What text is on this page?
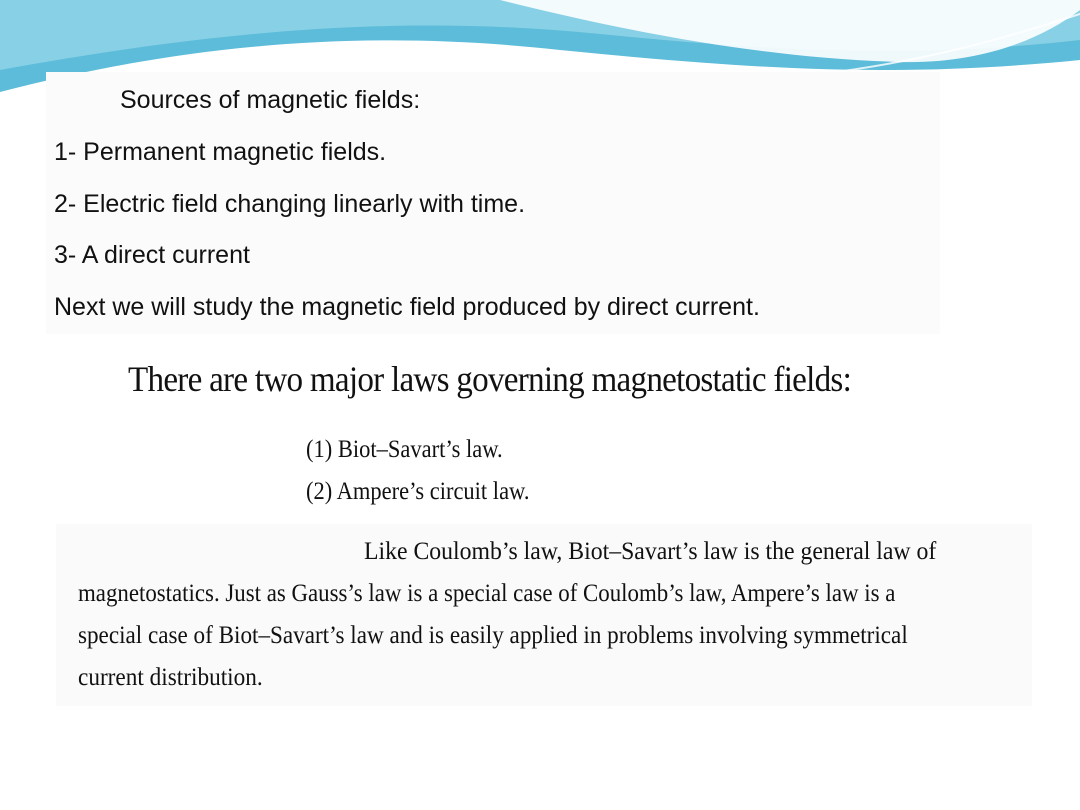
Sources of magnetic fields:

1- Permanent magnetic fields.

2- Electric field changing linearly with time.

3- A direct current

Next we will study the magnetic field produced by direct current.

There are two major laws governing magnetostatic fields:

(1) Biot–Savart’s law.

(2) Ampere’s circuit law.

Like Coulomb’s law, Biot–Savart’s law is the general law of

magnetostatics. Just as Gauss’s law is a special case of Coulomb’s law, Ampere’s law is a

special case of Biot–Savart’s law and is easily applied in problems involving symmetrical

current distribution.
